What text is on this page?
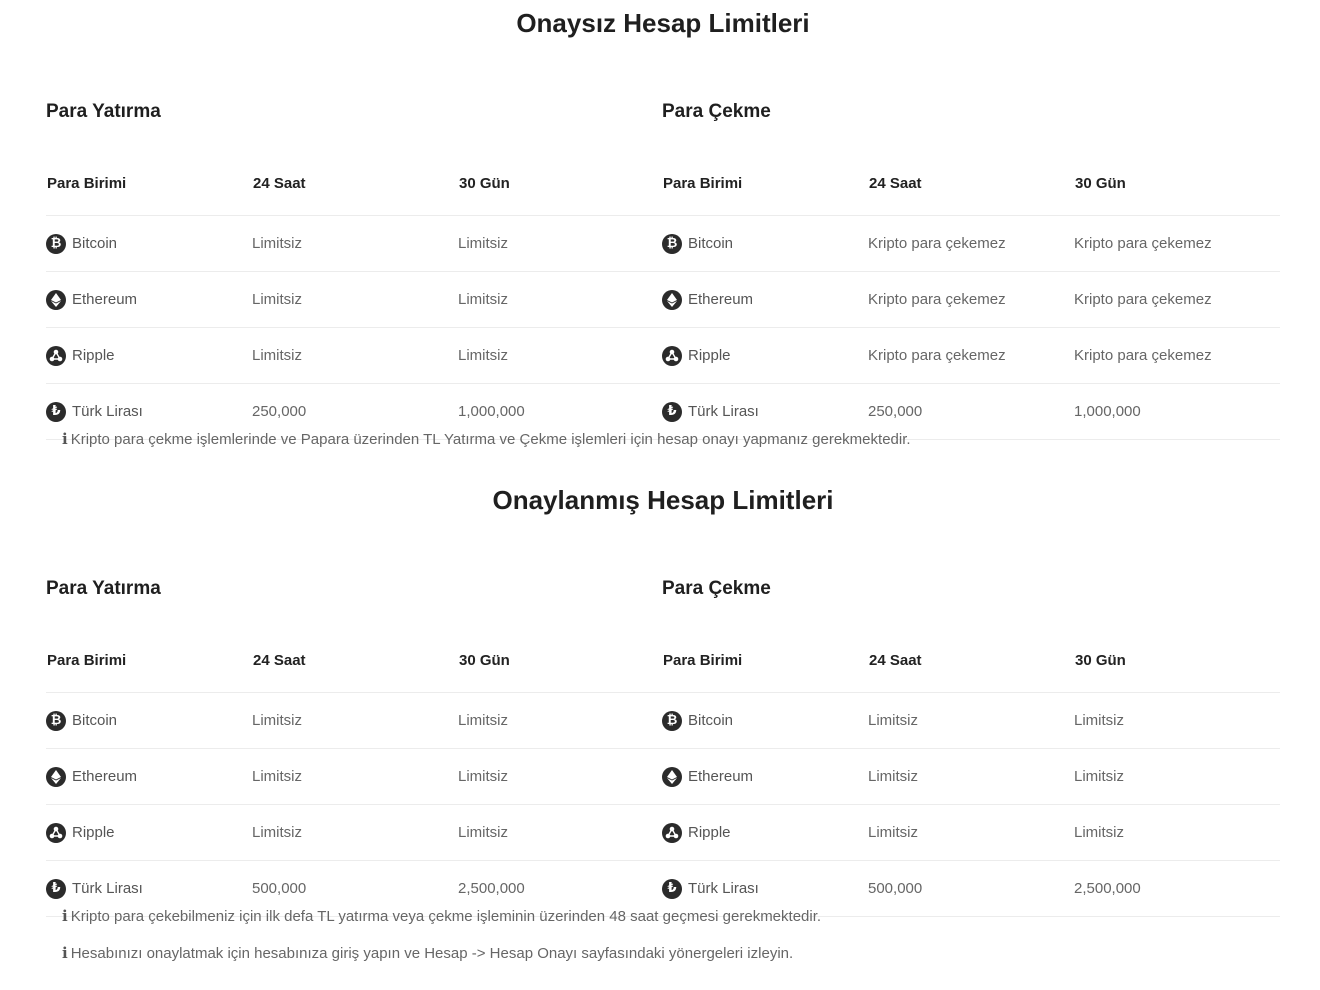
Onaysız Hesap Limitleri
Onaylanmış Hesap Limitleri
Para Yatırma
Para Birimi	24 Saat	30 Gün

₿ Bitcoin	Limitsiz	Limitsiz

Ethereum	Limitsiz	Limitsiz

Ripple	Limitsiz	Limitsiz

₺ Türk Lirası	250,000	1,000,000
Para Çekme
Para Birimi	24 Saat	30 Gün

₿ Bitcoin	Kripto para çekemez	Kripto para çekemez

Ethereum	Kripto para çekemez	Kripto para çekemez

Ripple	Kripto para çekemez	Kripto para çekemez

₺ Türk Lirası	250,000	1,000,000
i Kripto para çekme işlemlerinde ve Papara üzerinden TL Yatırma ve Çekme işlemleri için hesap onayı yapmanız gerekmektedir.
Para Yatırma
Para Birimi	24 Saat	30 Gün

₿ Bitcoin	Limitsiz	Limitsiz

Ethereum	Limitsiz	Limitsiz

Ripple	Limitsiz	Limitsiz

₺ Türk Lirası	500,000	2,500,000
Para Çekme
Para Birimi	24 Saat	30 Gün

₿ Bitcoin	Limitsiz	Limitsiz

Ethereum	Limitsiz	Limitsiz

Ripple	Limitsiz	Limitsiz

₺ Türk Lirası	500,000	2,500,000
i Kripto para çekebilmeniz için ilk defa TL yatırma veya çekme işleminin üzerinden 48 saat geçmesi gerekmektedir.
i Hesabınızı onaylatmak için hesabınıza giriş yapın ve Hesap -> Hesap Onayı sayfasındaki yönergeleri izleyin.
